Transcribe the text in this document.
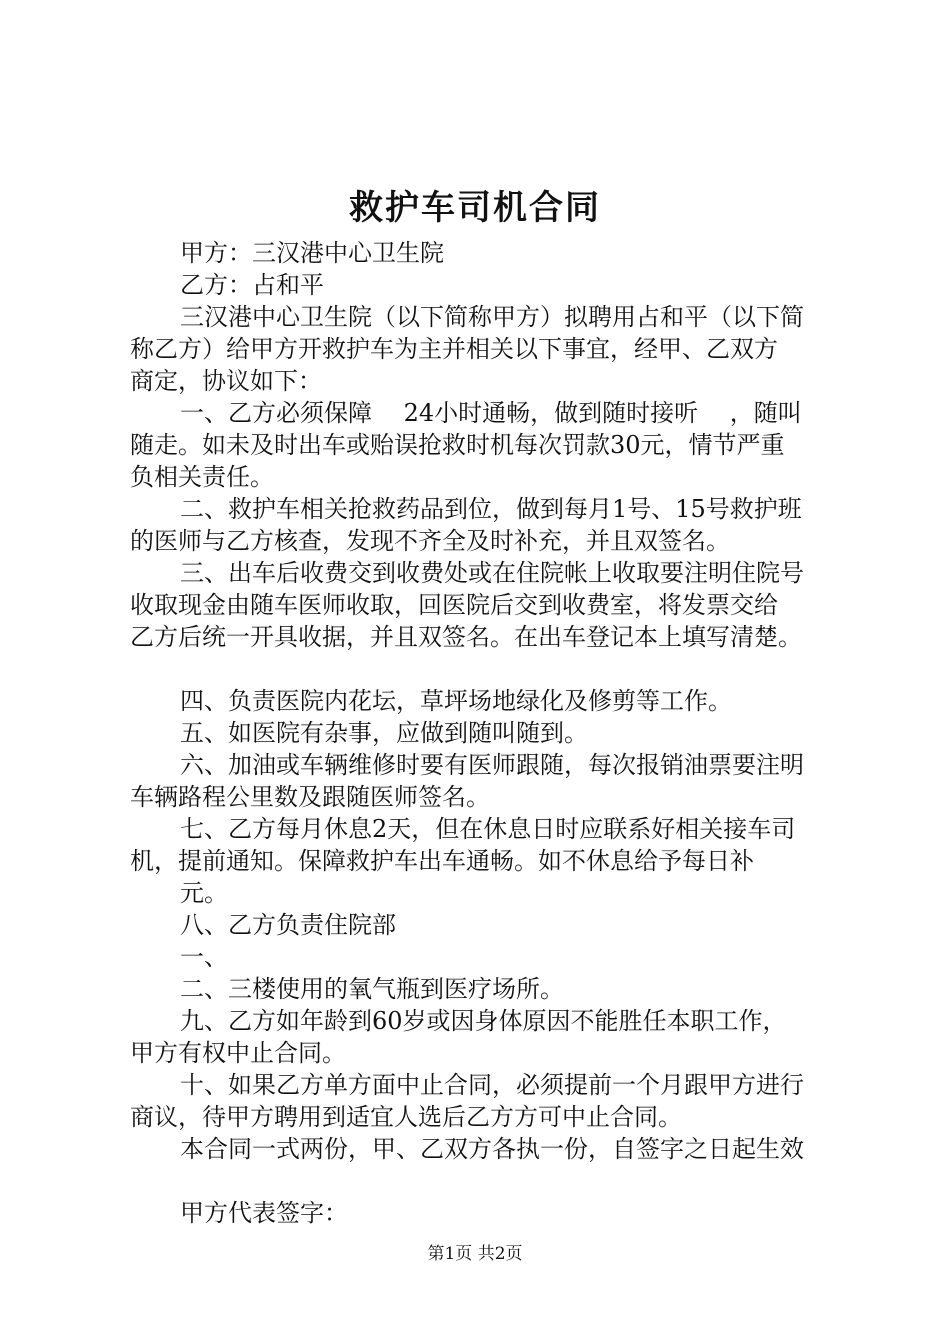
救护车司机合同
甲方：三汉港中心卫生院
乙方：占和平
三汉港中心卫生院（以下简称甲方）拟聘用占和平（以下简
称乙方）给甲方开救护车为主并相关以下事宜，经甲、乙双方
商定，协议如下：
一、乙方必须保障　 24小时通畅，做到随时接听　 ，随叫
随走。如未及时出车或贻误抢救时机每次罚款30元，情节严重
负相关责任。
二、救护车相关抢救药品到位，做到每月1号、15号救护班
的医师与乙方核查，发现不齐全及时补充，并且双签名。
三、出车后收费交到收费处或在住院帐上收取要注明住院号
收取现金由随车医师收取，回医院后交到收费室，将发票交给
乙方后统一开具收据，并且双签名。在出车登记本上填写清楚。
四、负责医院内花坛，草坪场地绿化及修剪等工作。
五、如医院有杂事，应做到随叫随到。
六、加油或车辆维修时要有医师跟随，每次报销油票要注明
车辆路程公里数及跟随医师签名。
七、乙方每月休息2天，但在休息日时应联系好相关接车司
机，提前通知。保障救护车出车通畅。如不休息给予每日补
元。
八、乙方负责住院部
一、
二、三楼使用的氧气瓶到医疗场所。
九、乙方如年龄到60岁或因身体原因不能胜任本职工作，
甲方有权中止合同。
十、如果乙方单方面中止合同，必须提前一个月跟甲方进行
商议，待甲方聘用到适宜人选后乙方方可中止合同。
本合同一式两份，甲、乙双方各执一份，自签字之日起生效
甲方代表签字：
第1页 共2页
